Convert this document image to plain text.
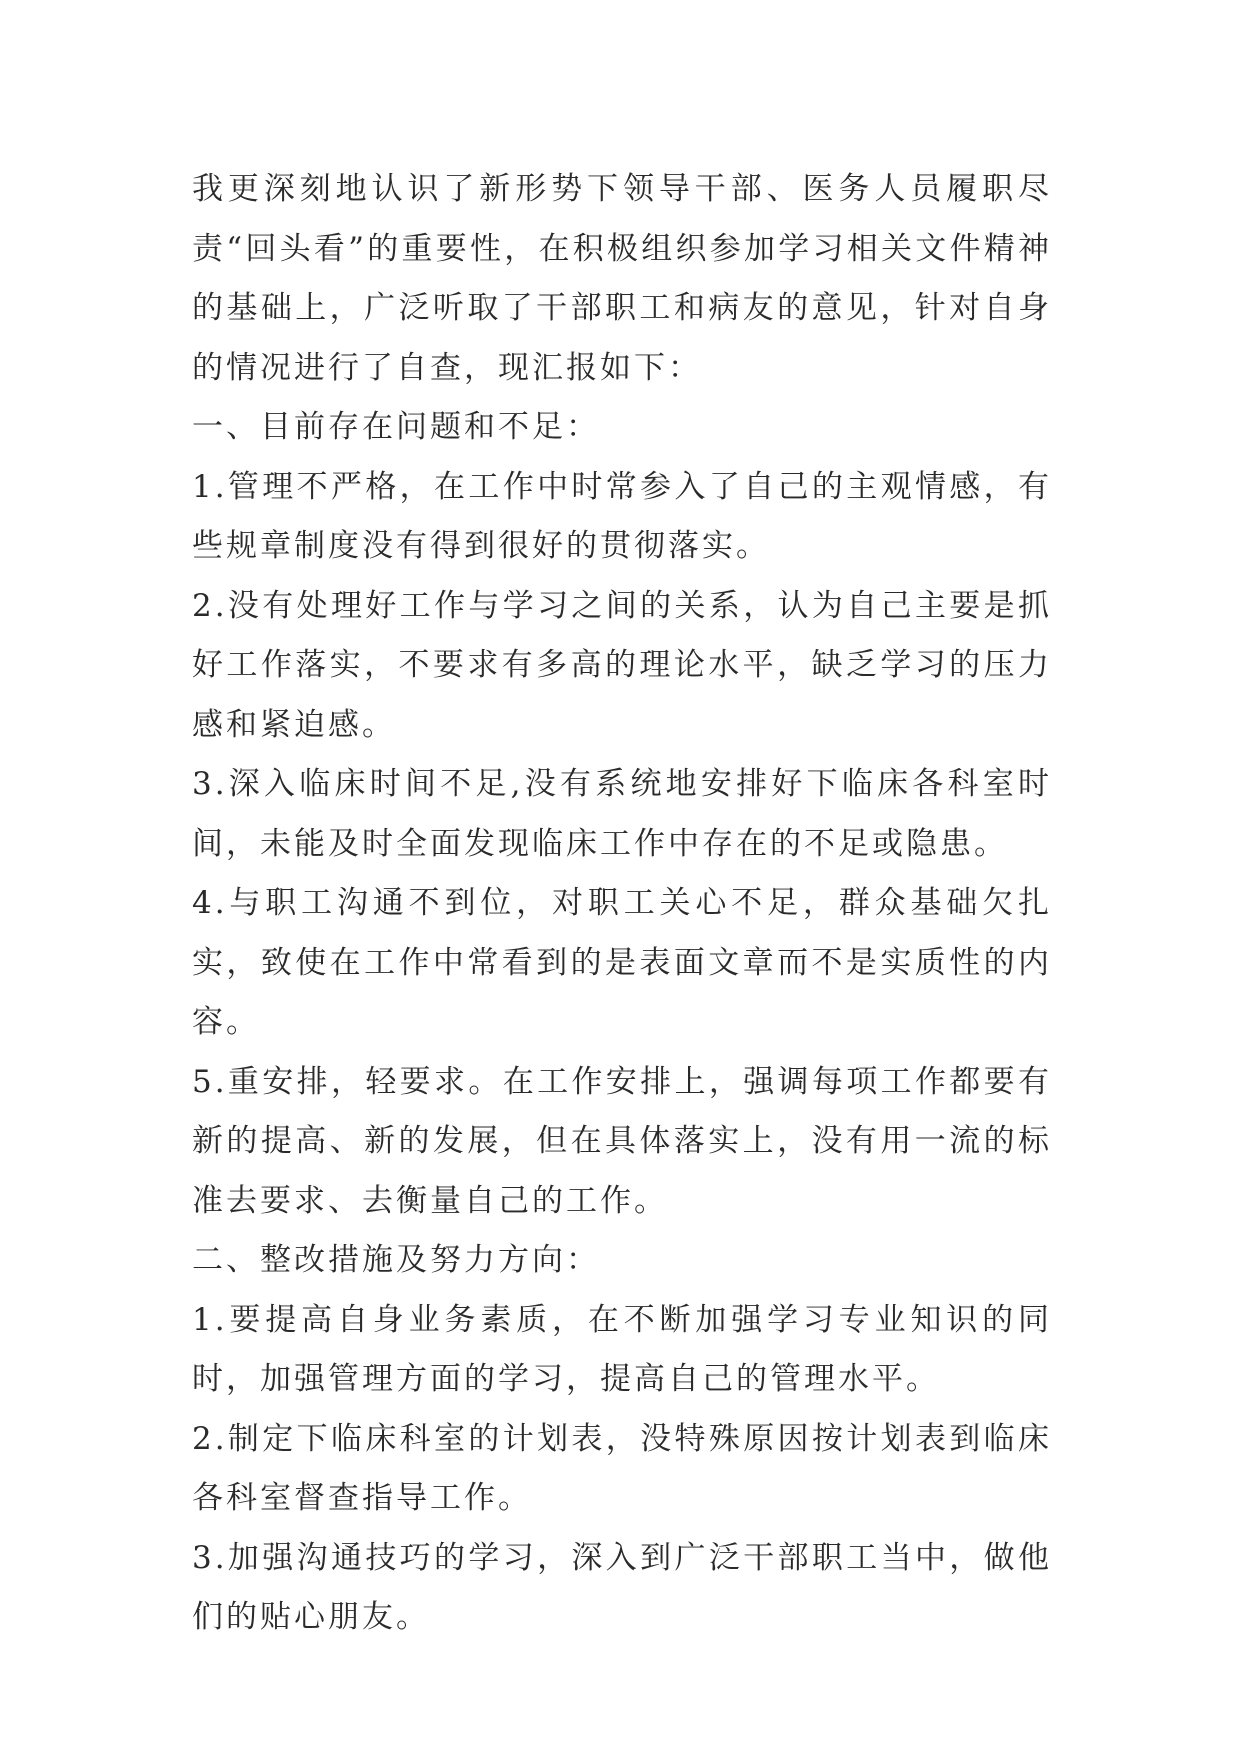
我更深刻地认识了新形势下领导干部、医务人员履职尽责“回头看”的重要性，在积极组织参加学习相关文件精神的基础上，广泛听取了干部职工和病友的意见，针对自身的情况进行了自查，现汇报如下：

一、目前存在问题和不足：

1.管理不严格，在工作中时常参入了自己的主观情感，有些规章制度没有得到很好的贯彻落实。

2.没有处理好工作与学习之间的关系，认为自己主要是抓好工作落实，不要求有多高的理论水平，缺乏学习的压力感和紧迫感。

3.深入临床时间不足,没有系统地安排好下临床各科室时间，未能及时全面发现临床工作中存在的不足或隐患。

4.与职工沟通不到位，对职工关心不足，群众基础欠扎实，致使在工作中常看到的是表面文章而不是实质性的内容。

5.重安排，轻要求。在工作安排上，强调每项工作都要有新的提高、新的发展，但在具体落实上，没有用一流的标准去要求、去衡量自己的工作。

二、整改措施及努力方向：

1.要提高自身业务素质，在不断加强学习专业知识的同时，加强管理方面的学习，提高自己的管理水平。

2.制定下临床科室的计划表，没特殊原因按计划表到临床各科室督查指导工作。

3.加强沟通技巧的学习，深入到广泛干部职工当中，做他们的贴心朋友。
